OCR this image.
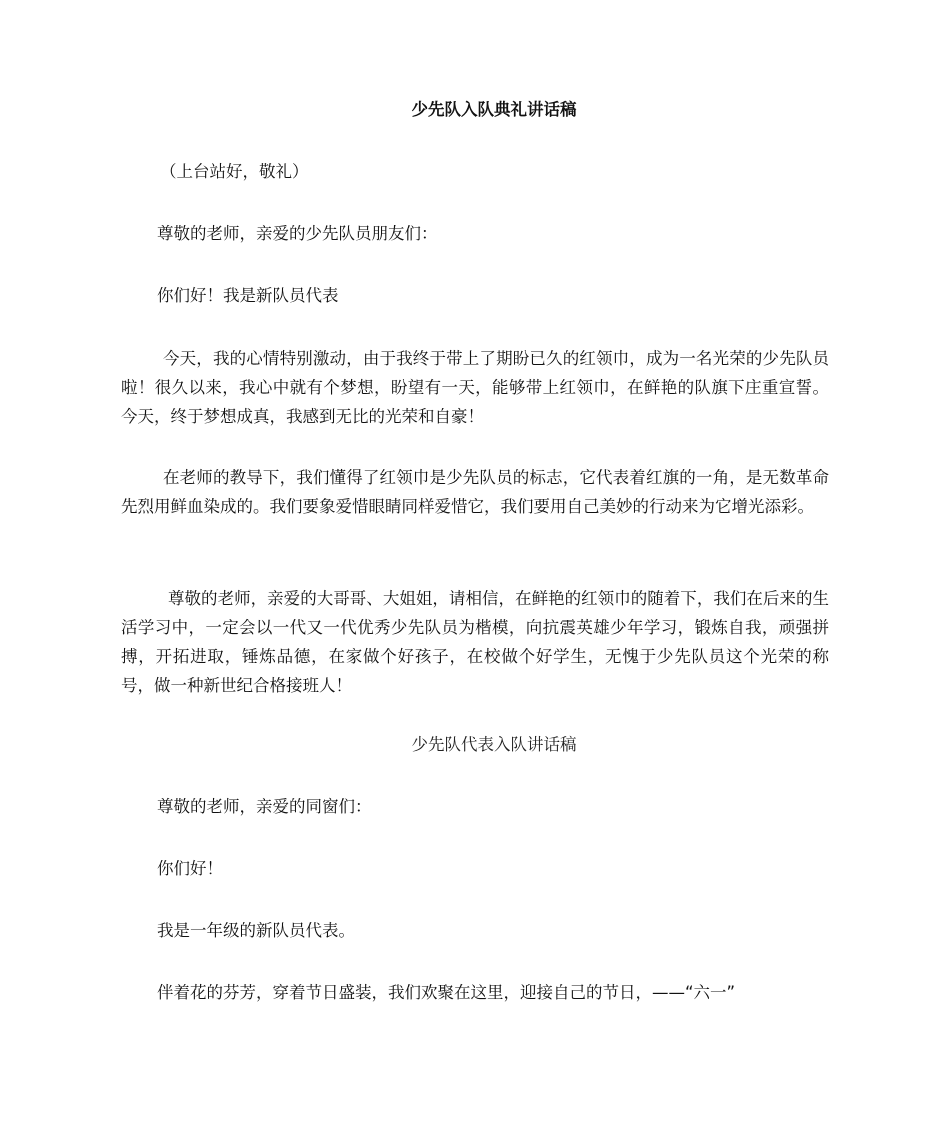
少先队入队典礼讲话稿
（上台站好，敬礼）
尊敬的老师，亲爱的少先队员朋友们：
你们好！我是新队员代表
今天，我的心情特别激动，由于我终于带上了期盼已久的红领巾，成为一名光荣的少先队员啦！很久以来，我心中就有个梦想，盼望有一天，能够带上红领巾，在鲜艳的队旗下庄重宣誓。今天，终于梦想成真，我感到无比的光荣和自豪！
在老师的教导下，我们懂得了红领巾是少先队员的标志，它代表着红旗的一角，是无数革命先烈用鲜血染成的。我们要象爱惜眼睛同样爱惜它，我们要用自己美妙的行动来为它增光添彩。
尊敬的老师，亲爱的大哥哥、大姐姐，请相信，在鲜艳的红领巾的随着下，我们在后来的生活学习中，一定会以一代又一代优秀少先队员为楷模，向抗震英雄少年学习，锻炼自我，顽强拼搏，开拓进取，锤炼品德，在家做个好孩子，在校做个好学生，无愧于少先队员这个光荣的称号，做一种新世纪合格接班人！
少先队代表入队讲话稿
尊敬的老师，亲爱的同窗们：
你们好！
我是一年级的新队员代表。
伴着花的芬芳，穿着节日盛装，我们欢聚在这里，迎接自己的节日，——“六一”
